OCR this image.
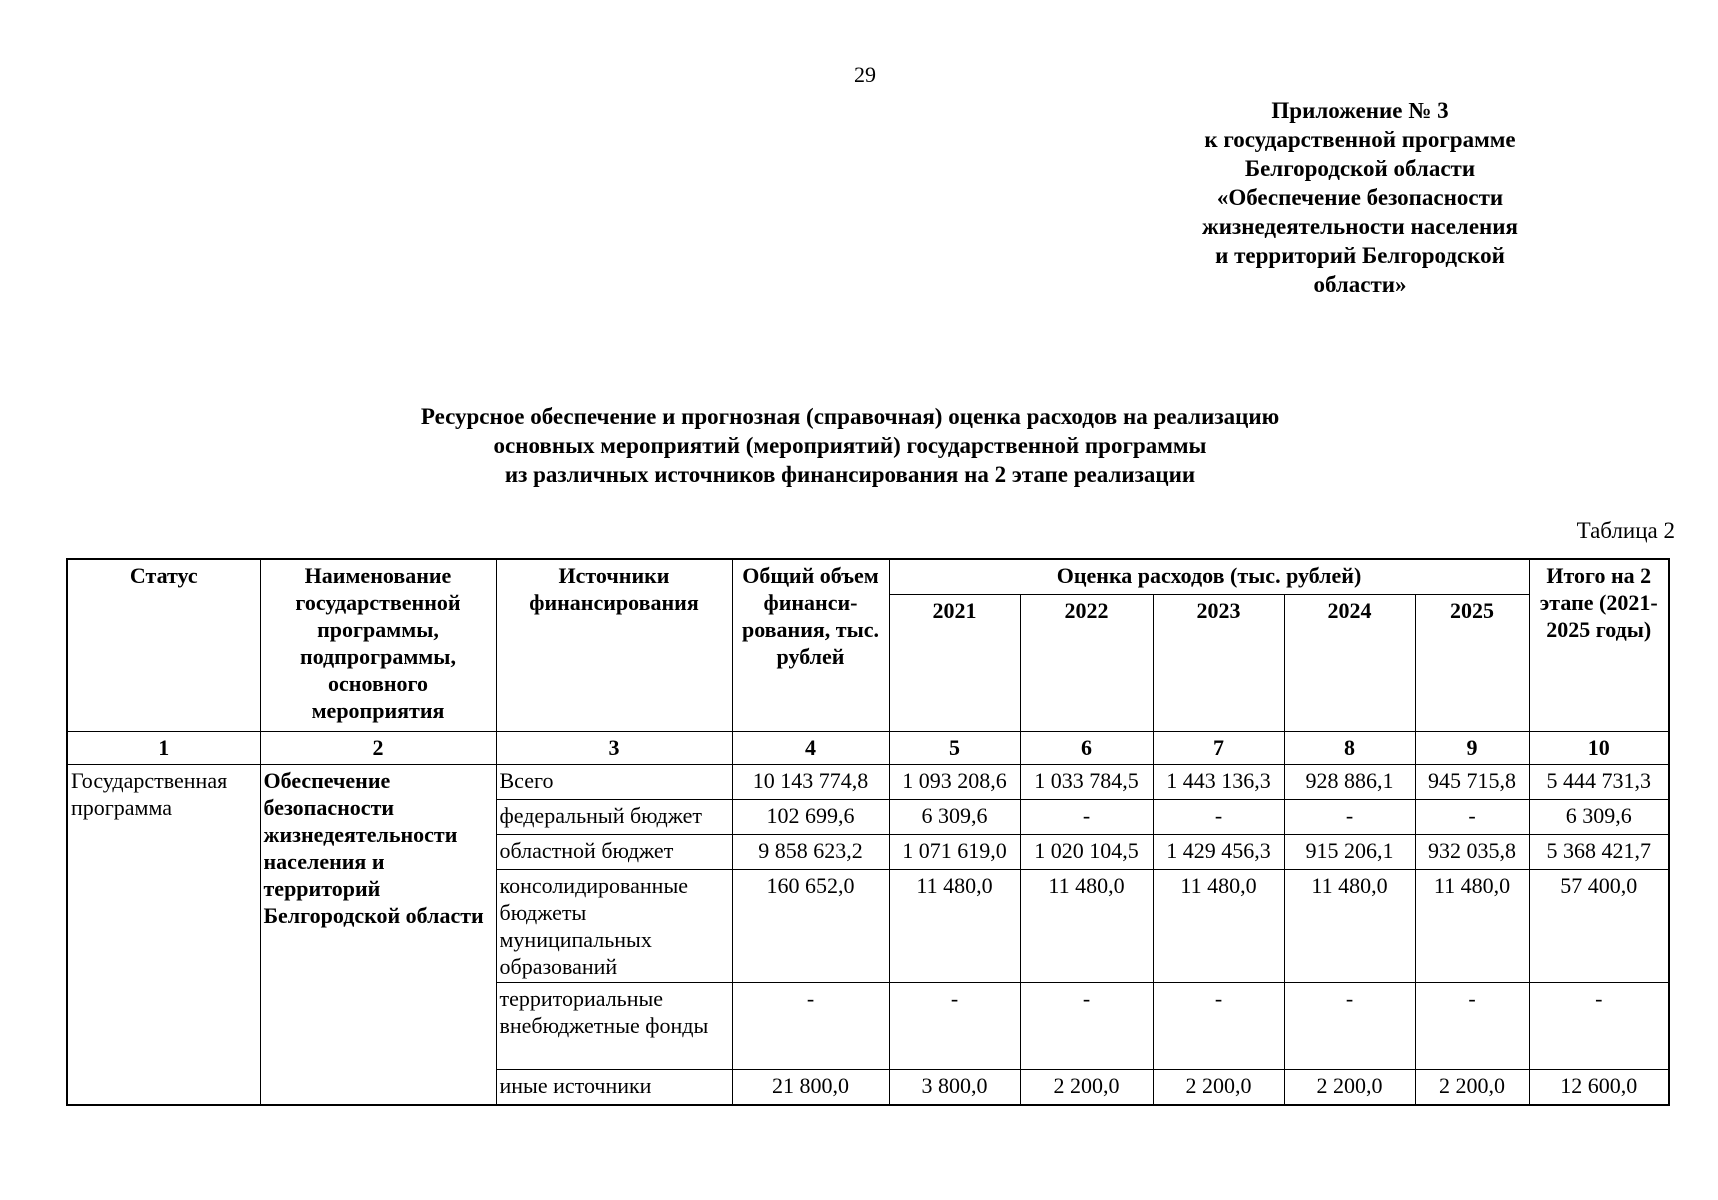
29
Приложение № 3
к государственной программе
Белгородской области
«Обеспечение безопасности
жизнедеятельности населения
и территорий Белгородской
области»
Ресурсное обеспечение и прогнозная (справочная) оценка расходов на реализацию
основных мероприятий (мероприятий) государственной программы
из различных источников финансирования на 2 этапе реализации
Таблица 2
Статус	Наименование государственной программы, подпрограммы, основного мероприятия	Источники финансирования	Общий объем финанси-рования, тыс. рублей	Оценка расходов (тыс. рублей)					Итого на 2 этапе (2021-2025 годы)
				2021	2022	2023	2024	2025	
1	2	3	4	5	6	7	8	9	10
Государственная программа	Обеспечение безопасности жизнедеятельности населения и территорий Белгородской области	Всего	10 143 774,8	1 093 208,6	1 033 784,5	1 443 136,3	928 886,1	945 715,8	5 444 731,3
		федеральный бюджет	102 699,6	6 309,6	-	-	-	-	6 309,6
		областной бюджет	9 858 623,2	1 071 619,0	1 020 104,5	1 429 456,3	915 206,1	932 035,8	5 368 421,7
		консолидированные бюджеты муниципальных образований	160 652,0	11 480,0	11 480,0	11 480,0	11 480,0	11 480,0	57 400,0
		территориальные внебюджетные фонды	-	-	-	-	-	-	-
		иные источники	21 800,0	3 800,0	2 200,0	2 200,0	2 200,0	2 200,0	12 600,0
